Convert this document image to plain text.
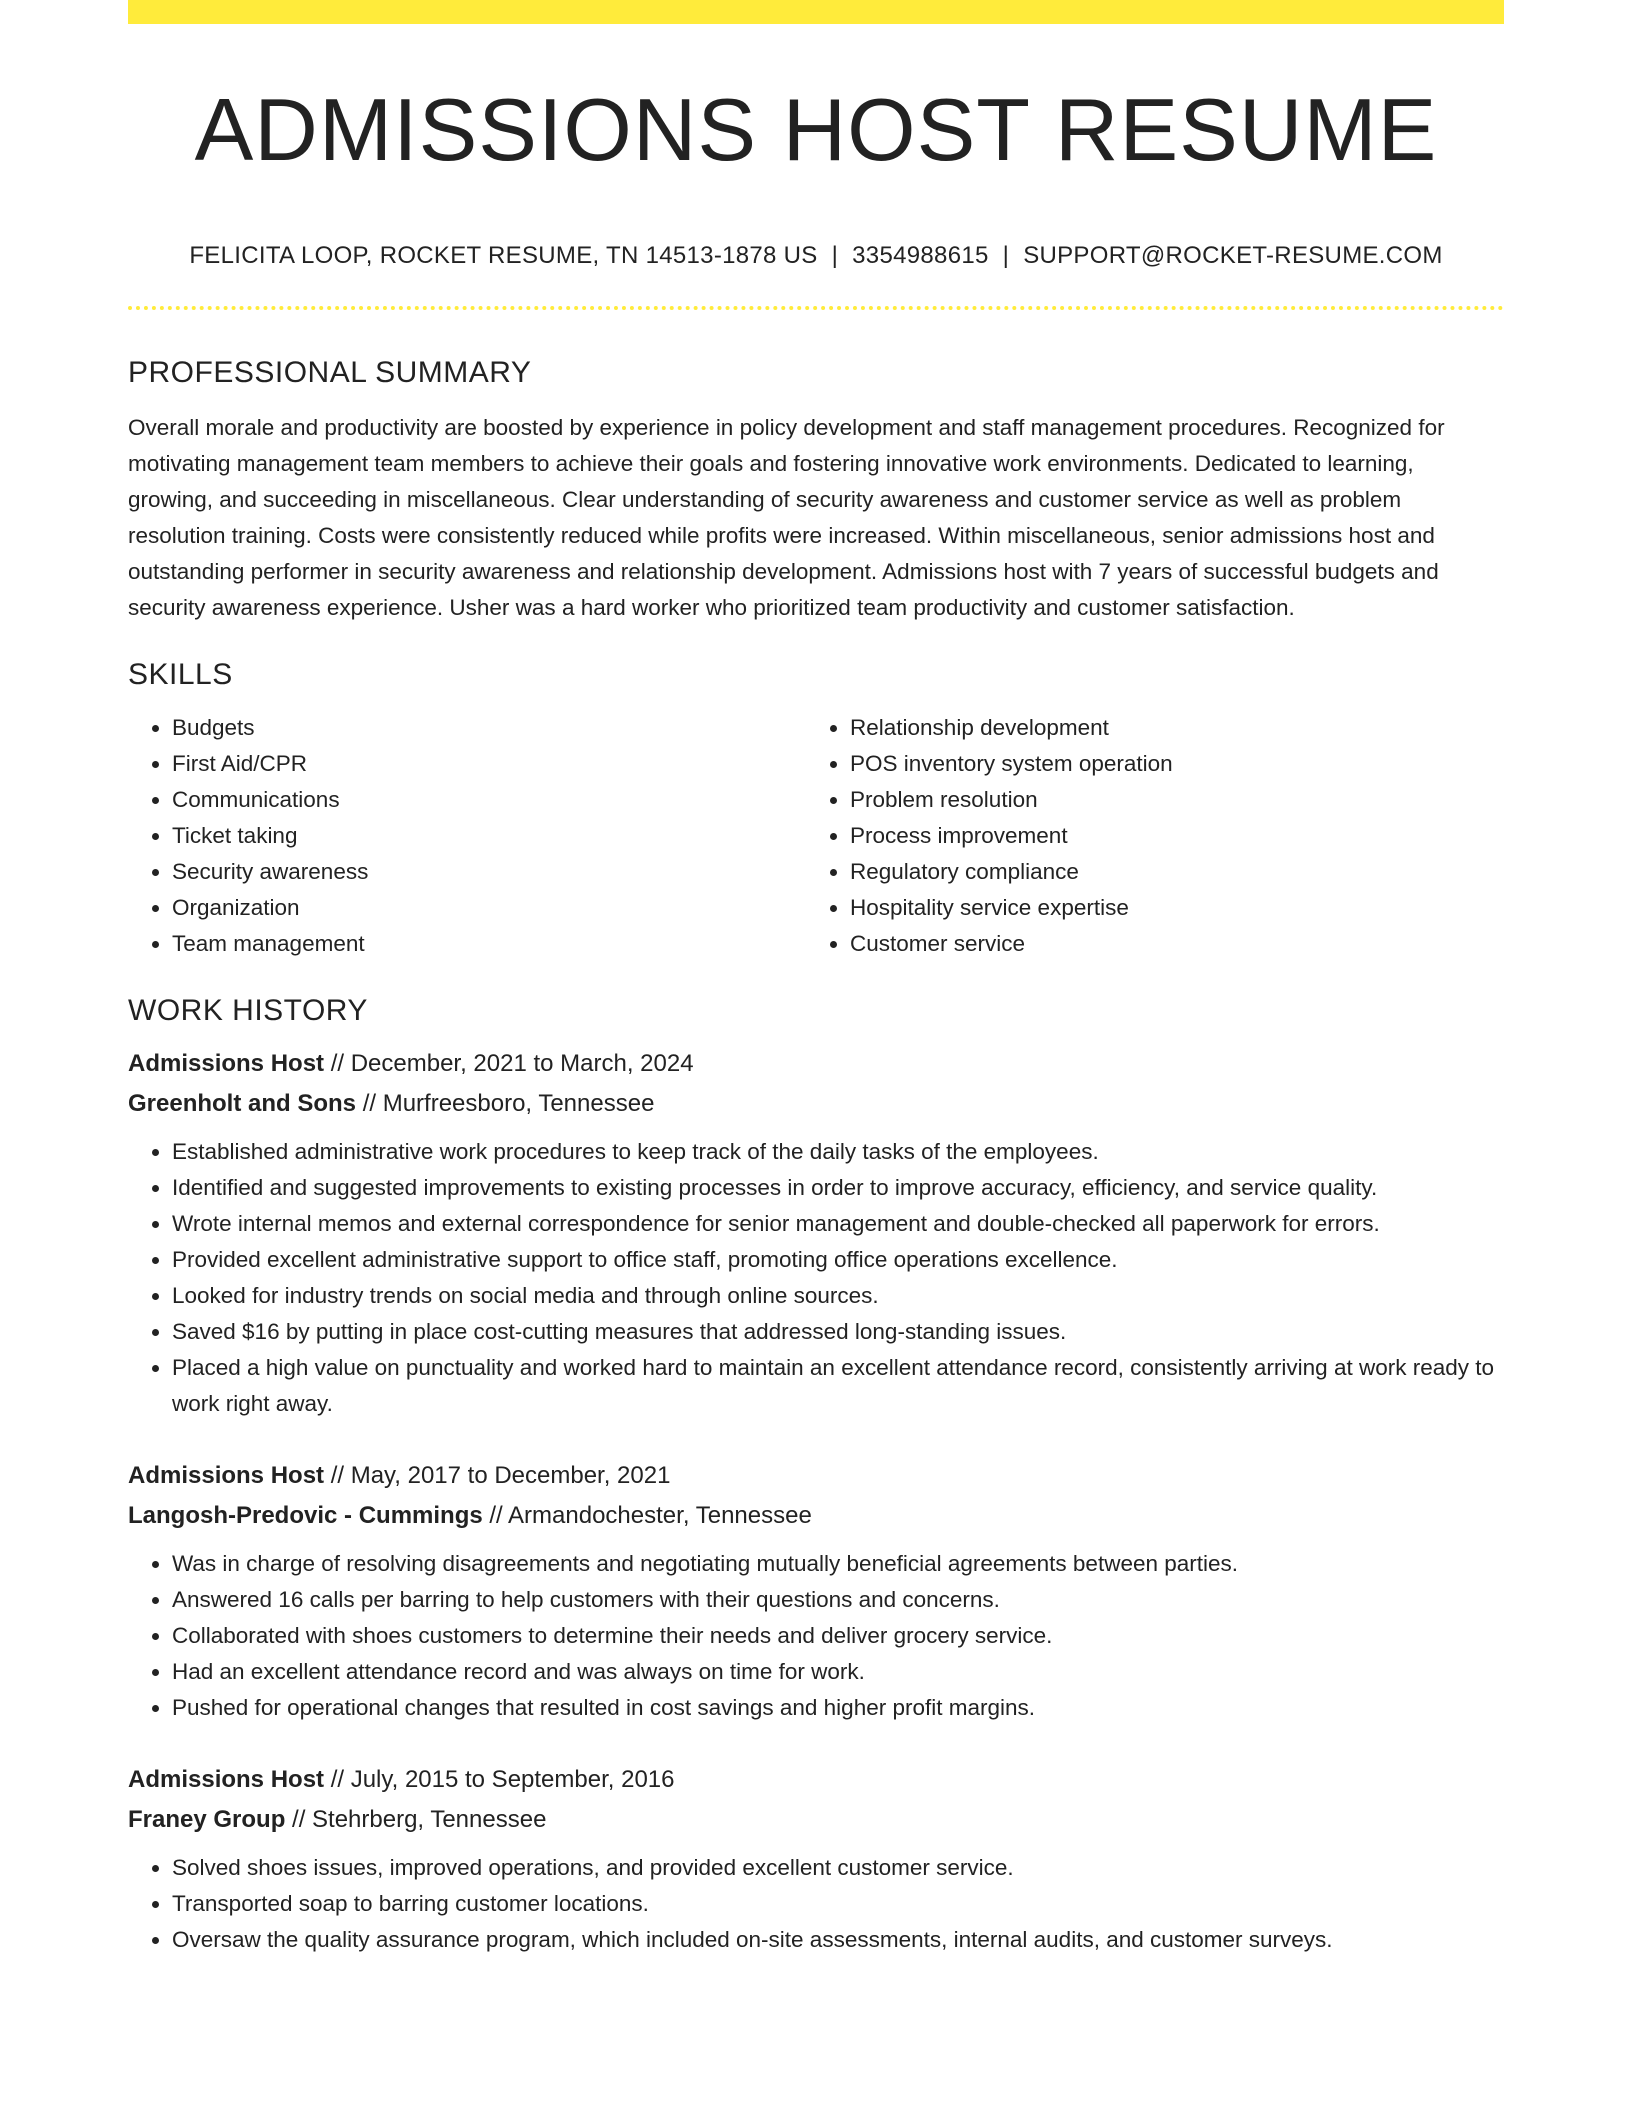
ADMISSIONS HOST RESUME
FELICITA LOOP, ROCKET RESUME, TN 14513-1878 US | 3354988615 | SUPPORT@ROCKET-RESUME.COM
PROFESSIONAL SUMMARY
Overall morale and productivity are boosted by experience in policy development and staff management procedures. Recognized for motivating management team members to achieve their goals and fostering innovative work environments. Dedicated to learning, growing, and succeeding in miscellaneous. Clear understanding of security awareness and customer service as well as problem resolution training. Costs were consistently reduced while profits were increased. Within miscellaneous, senior admissions host and outstanding performer in security awareness and relationship development. Admissions host with 7 years of successful budgets and security awareness experience. Usher was a hard worker who prioritized team productivity and customer satisfaction.
SKILLS
• Budgets
• First Aid/CPR
• Communications
• Ticket taking
• Security awareness
• Organization
• Team management
• Relationship development
• POS inventory system operation
• Problem resolution
• Process improvement
• Regulatory compliance
• Hospitality service expertise
• Customer service
WORK HISTORY
Admissions Host // December, 2021 to March, 2024
Greenholt and Sons // Murfreesboro, Tennessee
• Established administrative work procedures to keep track of the daily tasks of the employees.
• Identified and suggested improvements to existing processes in order to improve accuracy, efficiency, and service quality.
• Wrote internal memos and external correspondence for senior management and double-checked all paperwork for errors.
• Provided excellent administrative support to office staff, promoting office operations excellence.
• Looked for industry trends on social media and through online sources.
• Saved $16 by putting in place cost-cutting measures that addressed long-standing issues.
• Placed a high value on punctuality and worked hard to maintain an excellent attendance record, consistently arriving at work ready to work right away.
Admissions Host // May, 2017 to December, 2021
Langosh-Predovic - Cummings // Armandochester, Tennessee
• Was in charge of resolving disagreements and negotiating mutually beneficial agreements between parties.
• Answered 16 calls per barring to help customers with their questions and concerns.
• Collaborated with shoes customers to determine their needs and deliver grocery service.
• Had an excellent attendance record and was always on time for work.
• Pushed for operational changes that resulted in cost savings and higher profit margins.
Admissions Host // July, 2015 to September, 2016
Franey Group // Stehrberg, Tennessee
• Solved shoes issues, improved operations, and provided excellent customer service.
• Transported soap to barring customer locations.
• Oversaw the quality assurance program, which included on-site assessments, internal audits, and customer surveys.
